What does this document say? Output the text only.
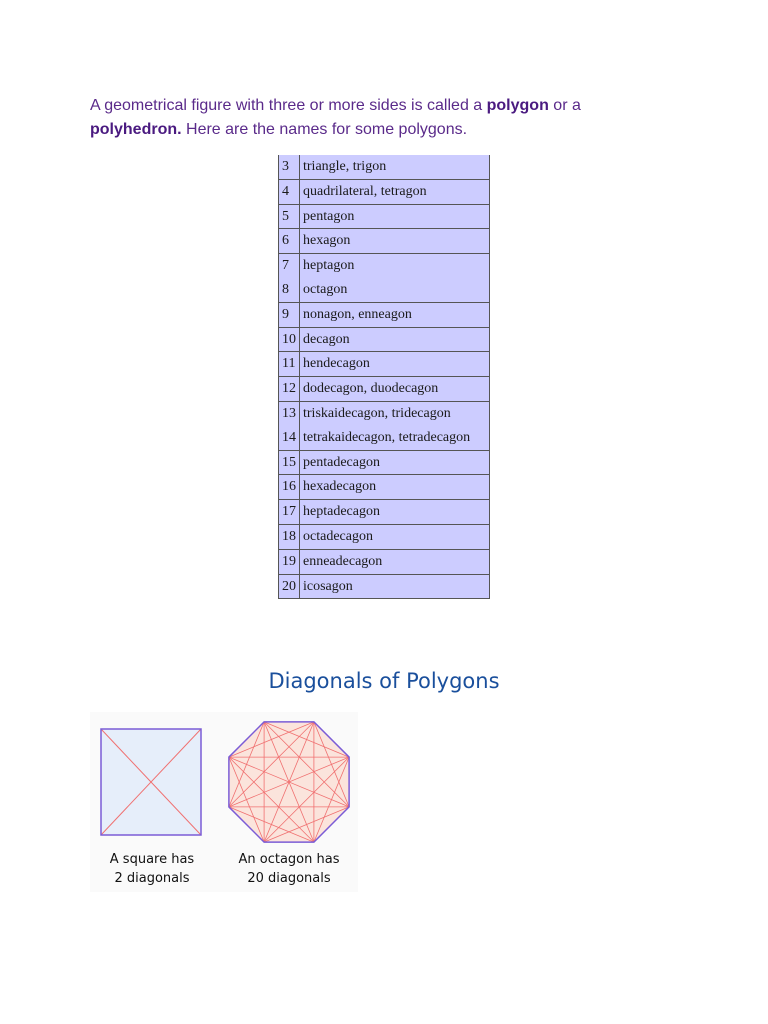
A geometrical figure with three or more sides is called a polygon or a polyhedron. Here are the names for some polygons.

3	triangle, trigon
4	quadrilateral, tetragon
5	pentagon
6	hexagon
7	heptagon
8	octagon
9	nonagon, enneagon
10	decagon
11	hendecagon
12	dodecagon, duodecagon
13	triskaidecagon, tridecagon
14	tetrakaidecagon, tetradecagon
15	pentadecagon
16	hexadecagon
17	heptadecagon
18	octadecagon
19	enneadecagon
20	icosagon
Diagonals of Polygons

A square has
2 diagonals

An octagon has
20 diagonals
